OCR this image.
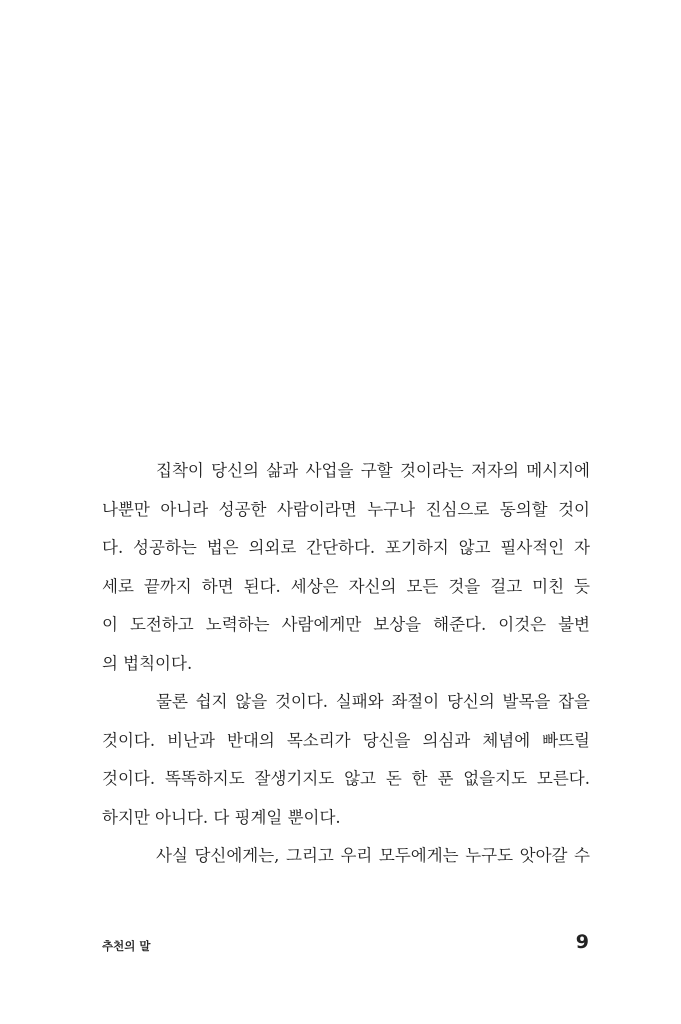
집착이 당신의 삶과 사업을 구할 것이라는 저자의 메시지에
나뿐만 아니라 성공한 사람이라면 누구나 진심으로 동의할 것이
다. 성공하는 법은 의외로 간단하다. 포기하지 않고 필사적인 자
세로 끝까지 하면 된다. 세상은 자신의 모든 것을 걸고 미친 듯
이 도전하고 노력하는 사람에게만 보상을 해준다. 이것은 불변
의 법칙이다.
물론 쉽지 않을 것이다. 실패와 좌절이 당신의 발목을 잡을
것이다. 비난과 반대의 목소리가 당신을 의심과 체념에 빠뜨릴
것이다. 똑똑하지도 잘생기지도 않고 돈 한 푼 없을지도 모른다.
하지만 아니다. 다 핑계일 뿐이다.
사실 당신에게는, 그리고 우리 모두에게는 누구도 앗아갈 수
추천의 말	9
